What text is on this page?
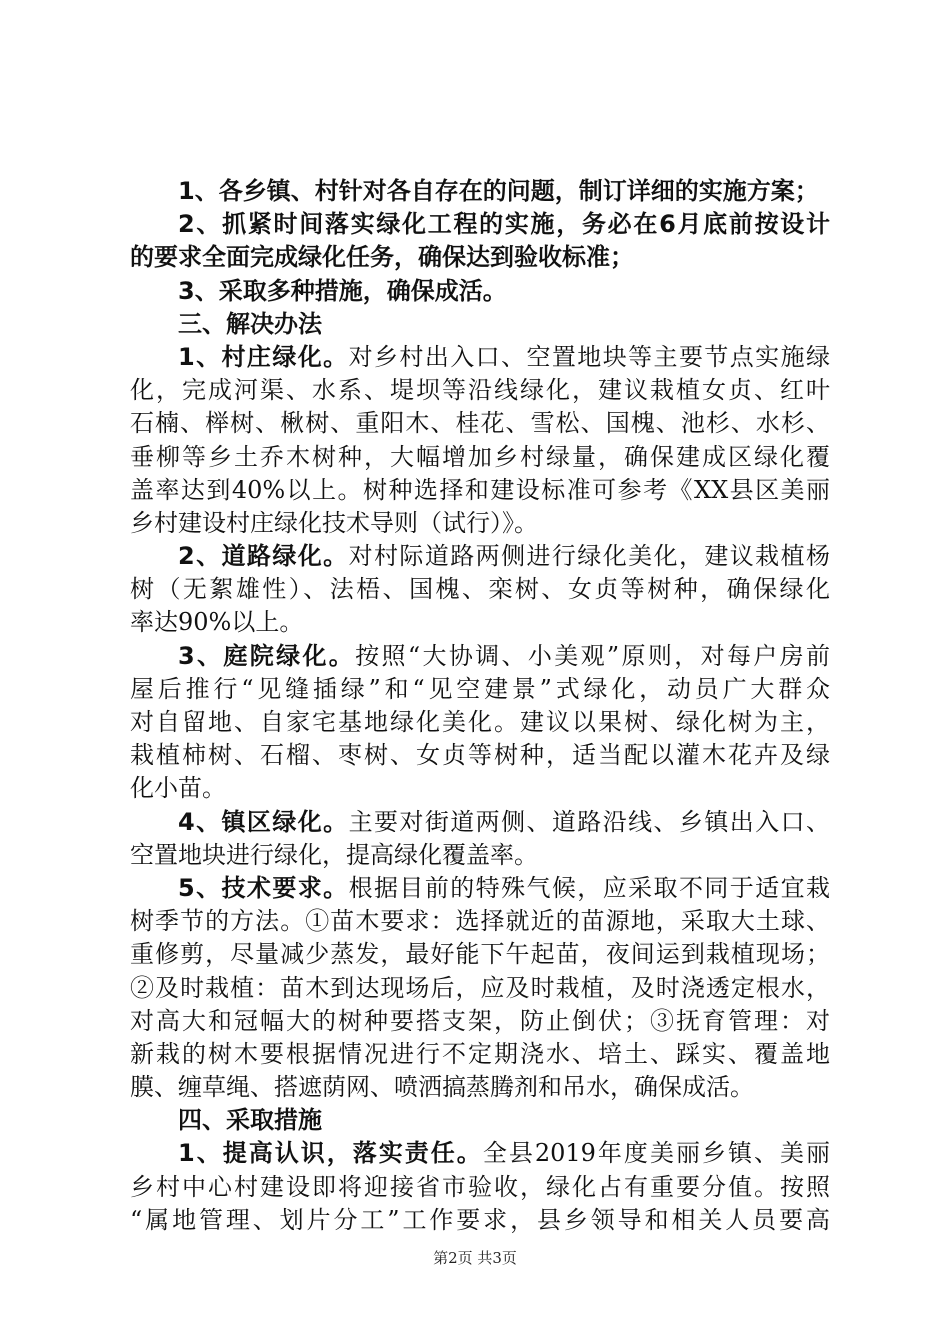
1、各乡镇、村针对各自存在的问题，制订详细的实施方案；
2、抓紧时间落实绿化工程的实施，务必在6月底前按设计
的要求全面完成绿化任务，确保达到验收标准；
3、采取多种措施，确保成活。
三、解决办法
1、村庄绿化。对乡村出入口、空置地块等主要节点实施绿
化，完成河渠、水系、堤坝等沿线绿化，建议栽植女贞、红叶
石楠、榉树、楸树、重阳木、桂花、雪松、国槐、池杉、水杉、
垂柳等乡土乔木树种，大幅增加乡村绿量，确保建成区绿化覆
盖率达到40%以上。树种选择和建设标准可参考《XX县区美丽
乡村建设村庄绿化技术导则（试行）》。
2、道路绿化。对村际道路两侧进行绿化美化，建议栽植杨
树（无絮雄性）、法梧、国槐、栾树、女贞等树种，确保绿化
率达90%以上。
3、庭院绿化。按照“大协调、小美观”原则，对每户房前
屋后推行“见缝插绿”和“见空建景”式绿化，动员广大群众
对自留地、自家宅基地绿化美化。建议以果树、绿化树为主，
栽植柿树、石榴、枣树、女贞等树种，适当配以灌木花卉及绿
化小苗。
4、镇区绿化。主要对街道两侧、道路沿线、乡镇出入口、
空置地块进行绿化，提高绿化覆盖率。
5、技术要求。根据目前的特殊气候，应采取不同于适宜栽
树季节的方法。①苗木要求：选择就近的苗源地，采取大土球、
重修剪，尽量减少蒸发，最好能下午起苗，夜间运到栽植现场；
②及时栽植：苗木到达现场后，应及时栽植，及时浇透定根水，
对高大和冠幅大的树种要搭支架，防止倒伏；③抚育管理：对
新栽的树木要根据情况进行不定期浇水、培土、踩实、覆盖地
膜、缠草绳、搭遮荫网、喷洒搞蒸腾剂和吊水，确保成活。
四、采取措施
1、提高认识，落实责任。全县2019年度美丽乡镇、美丽
乡村中心村建设即将迎接省市验收，绿化占有重要分值。按照
“属地管理、划片分工”工作要求，县乡领导和相关人员要高
第2页 共3页
